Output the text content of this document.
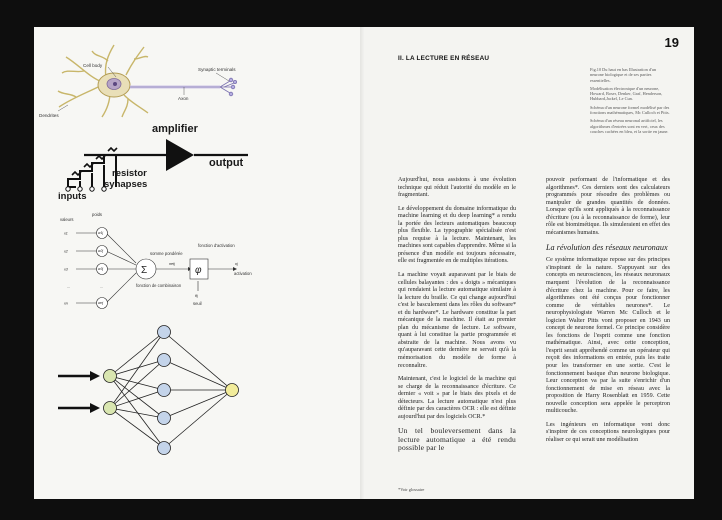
Cell body
Synaptic terminals
Axon
Dendrites
amplifier
output
resistor
synapses
inputs
x1
x2
x3
...
xn
w1j
w2j
w3j
...
wnj
netj	oj
θj
Σ	φ
valeurs
poids
somme pondérée
fonction d'activation
activation
seuil
fonction de combinaison
19
II. LA LECTURE EN RÉSEAU

Fig.10 Du haut en bas Illustration d'un neurone biologique et de ses parties essentielles.

Modélisation électronique d'un neurone, Howard, Boser, Denker, Graf, Henderson, Hubbard,Jackel, Le Cun.

Schéma d'un neurone formel modélisé par des fonctions mathématiques, Mc Culloch et Pitts.

Schéma d'un réseau neuronal artificiel, les algorithmes d'entrées sont en vert, ceux des couches cachées en bleu, et la sortie en jaune.

Aujourd'hui, nous assistons à une évolution technique qui réduit l'autorité du modèle en le fragmentant.

Le développement du domaine informatique du machine learning et du deep learning* a rendu la portée des lecteurs automatiques beaucoup plus flexible. La typographie spécialisée n'est plus requise à la lecture. Maintenant, les machines sont capables d'apprendre. Même si la présence d'un modèle est toujours nécessaire, elle est fragmentée en de multiples itérations.

La machine voyait auparavant par le biais de cellules balayantes : des « doigts » mécaniques qui rendaient la lecture automatique similaire à la lecture du braille. Ce qui change aujourd'hui c'est le basculement dans les rôles du software* et du hardware*. Le hardware constitue la part mécanique de la machine. Il était au premier plan du mécanisme de lecture. Le software, quant à lui constitue la partie programmée et abstraite de la machine. Nous avons vu qu'auparavant cette dernière ne servait qu'à la mémorisation du modèle de forme à reconnaître.

Maintenant, c'est le logiciel de la machine qui se charge de la reconnaissance d'écriture. Ce dernier « voit » par le biais des pixels et de détecteurs. La lecture automatique n'est plus définie par des caractères OCR : elle est définie aujourd'hui par des logiciels OCR.*

Un tel bouleversement dans la lecture automatique a été rendu possible par le

pouvoir performant de l'informatique et des algorithmes*. Ces derniers sont des calculateurs programmés pour résoudre des problèmes ou manipuler de grandes quantités de données. Lorsque qu'ils sont appliqués à la reconnaissance d'écriture (ou à la reconnaissance de forme), leur rôle est biomimétique. Ils simuleraient en effet des mécanismes humains.

La révolution des réseaux neuronaux

Ce système informatique repose sur des principes s'inspirant de la nature. S'appuyant sur des concepts en neurosciences, les réseaux neuronaux marquent l'évolution de la reconnaissance d'écriture chez la machine. Pour ce faire, les algorithmes ont été conçus pour fonctionner comme de véritables neurones*. Le neurophysiologiste Warren Mc Culloch et le logicien Walter Pitts vont proposer en 1943 un concept de neurone formel. Ce principe considère les fonctions de l'esprit comme une fonction mathématique. Ainsi, avec cette conception, l'esprit serait appréhendé comme un opérateur qui reçoit des informations en entrée, puis les traite pour les transformer en une sortie. C'est le fonctionnement basique d'un neurone biologique. Leur conception va par la suite s'enrichir d'un fonctionnement de mise en réseau avec la proposition de Harry Rosenblatt en 1959. Cette nouvelle conception sera appelée le perceptron multicouche.

Les ingénieurs en informatique vont donc s'inspirer de ces conceptions neurologiques pour réaliser ce qui serait une modélisation

*Voir glossaire
